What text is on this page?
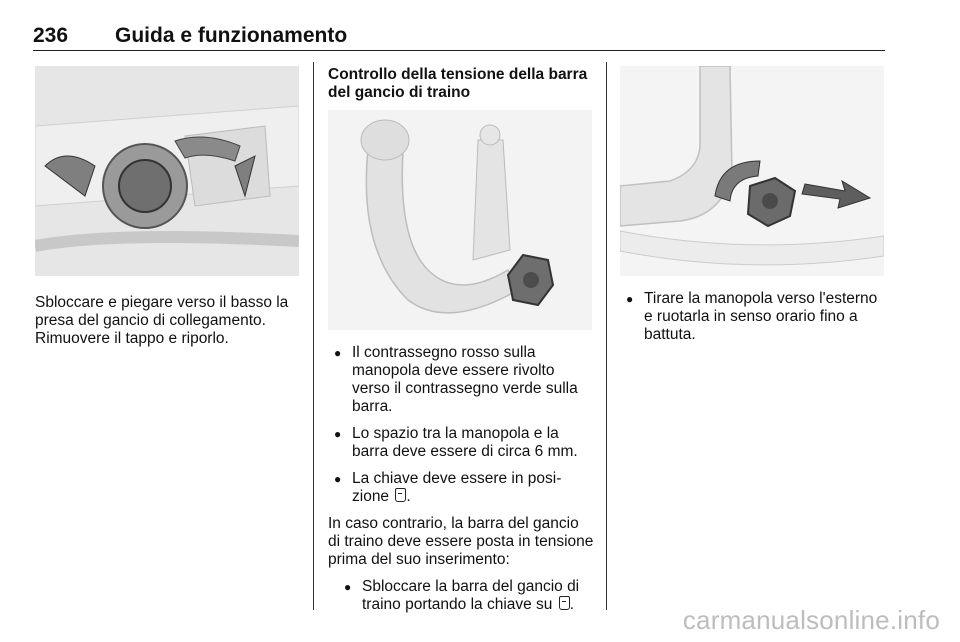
236 Guida e funzionamento

Sbloccare e piegare verso il basso la presa del gancio di collegamento. Rimuovere il tappo e riporlo.

Controllo della tensione della barra del gancio di traino
● Il contrassegno rosso sulla manopola deve essere rivolto verso il contrassegno verde sulla barra.
● Lo spazio tra la manopola e la barra deve essere di circa 6 mm.
● La chiave deve essere in posi-zione .

In caso contrario, la barra del gancio di traino deve essere posta in tensione prima del suo inserimento:

● Sbloccare la barra del gancio di traino portando la chiave su .
● Tirare la manopola verso l'esterno e ruotarla in senso orario fino a battuta.
carmanualsonline.info
